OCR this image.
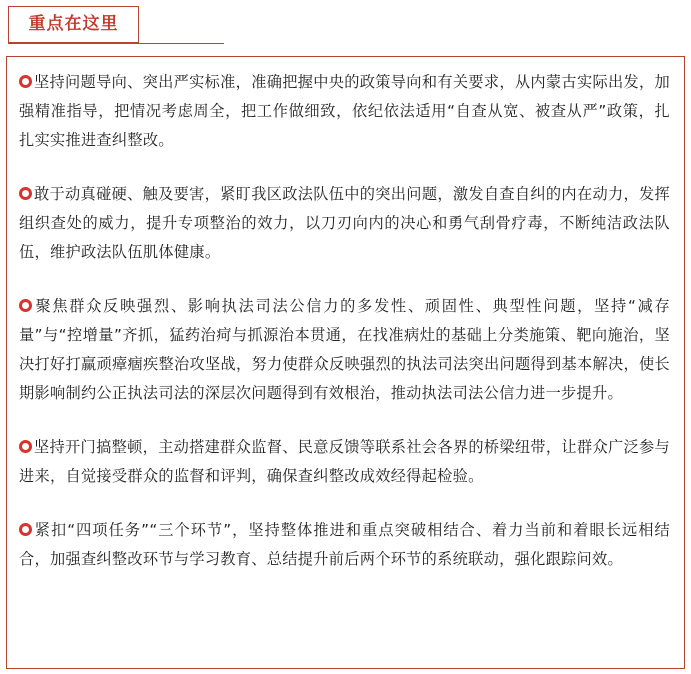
重点在这里

坚持问题导向、突出严实标准，准确把握中央的政策导向和有关要求，从内蒙古实际出发，加强精准指导，把情况考虑周全，把工作做细致，依纪依法适用“自查从宽、被查从严”政策，扎扎实实推进查纠整改。

敢于动真碰硬、触及要害，紧盯我区政法队伍中的突出问题，激发自查自纠的内在动力，发挥组织查处的威力，提升专项整治的效力，以刀刃向内的决心和勇气刮骨疗毒，不断纯洁政法队伍，维护政法队伍肌体健康。

聚焦群众反映强烈、影响执法司法公信力的多发性、顽固性、典型性问题，坚持“减存量”与“控增量”齐抓，猛药治疴与抓源治本贯通，在找准病灶的基础上分类施策、靶向施治，坚决打好打赢顽瘴痼疾整治攻坚战，努力使群众反映强烈的执法司法突出问题得到基本解决，使长期影响制约公正执法司法的深层次问题得到有效根治，推动执法司法公信力进一步提升。

坚持开门搞整顿，主动搭建群众监督、民意反馈等联系社会各界的桥梁纽带，让群众广泛参与进来，自觉接受群众的监督和评判，确保查纠整改成效经得起检验。

紧扣“四项任务”“三个环节”，坚持整体推进和重点突破相结合、着力当前和着眼长远相结合，加强查纠整改环节与学习教育、总结提升前后两个环节的系统联动，强化跟踪问效。
